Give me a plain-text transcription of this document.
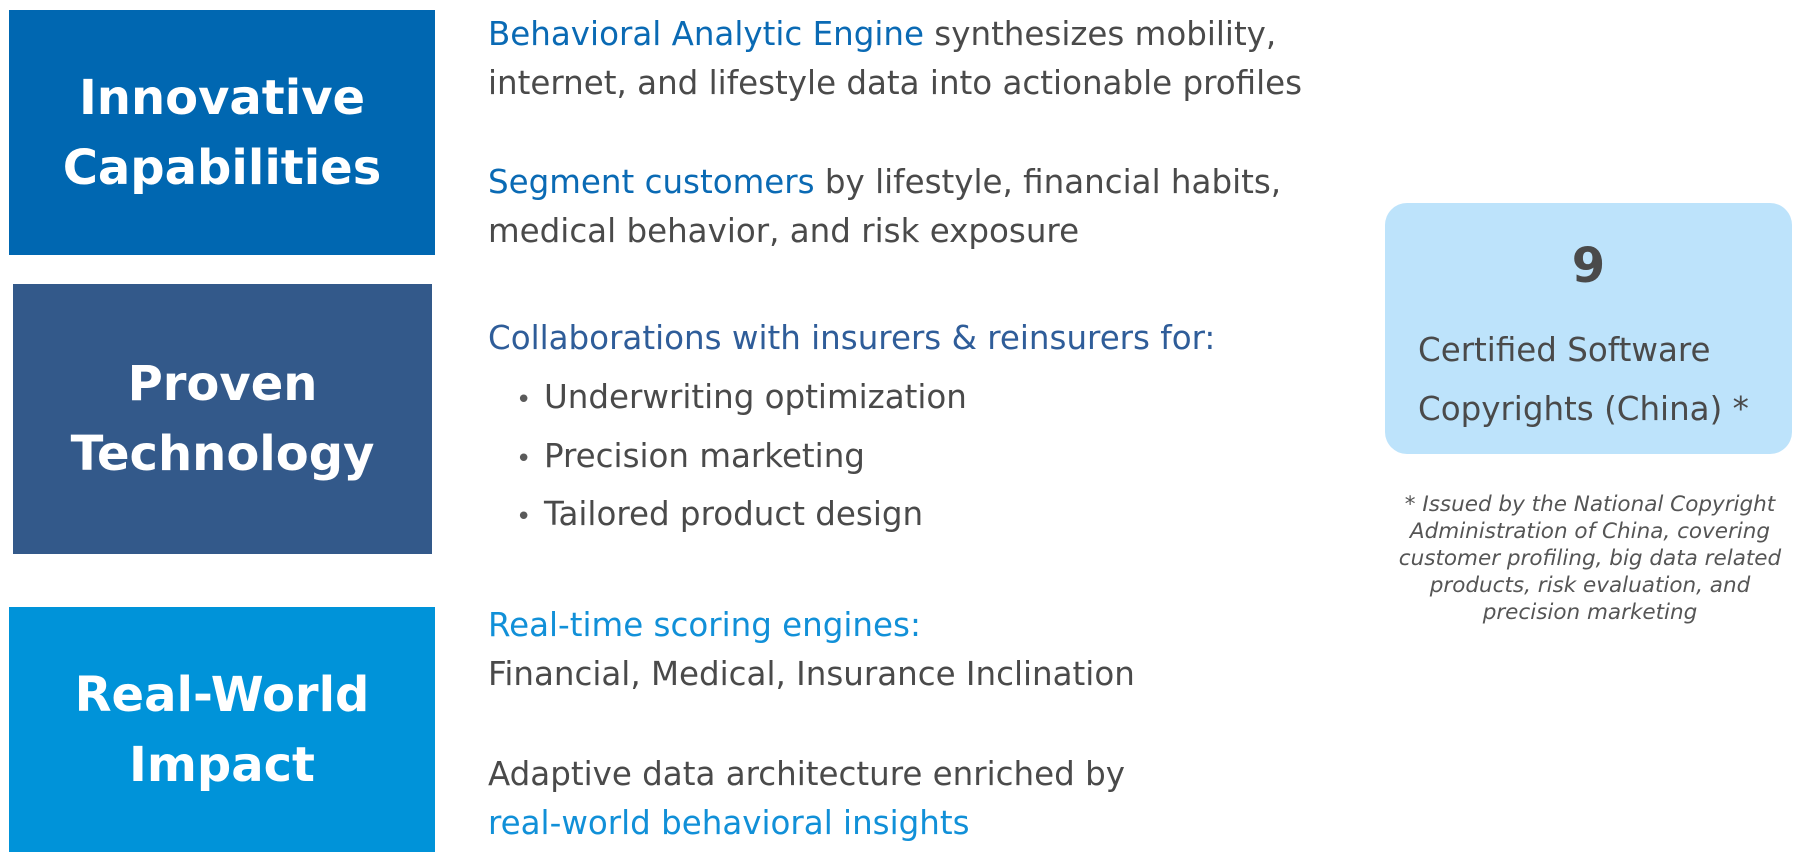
Innovative
Capabilities
Proven
Technology
Real-World
Impact
Behavioral Analytic Engine synthesizes mobility,
internet, and lifestyle data into actionable profiles
Segment customers by lifestyle, financial habits,
medical behavior, and risk exposure
Collaborations with insurers & reinsurers for:
• Underwriting optimization
• Precision marketing
• Tailored product design
Real-time scoring engines:
Financial, Medical, Insurance Inclination
Adaptive data architecture enriched by
real-world behavioral insights
9
Certified Software
Copyrights (China) *
* Issued by the National Copyright
Administration of China, covering
customer profiling, big data related
products, risk evaluation, and
precision marketing
